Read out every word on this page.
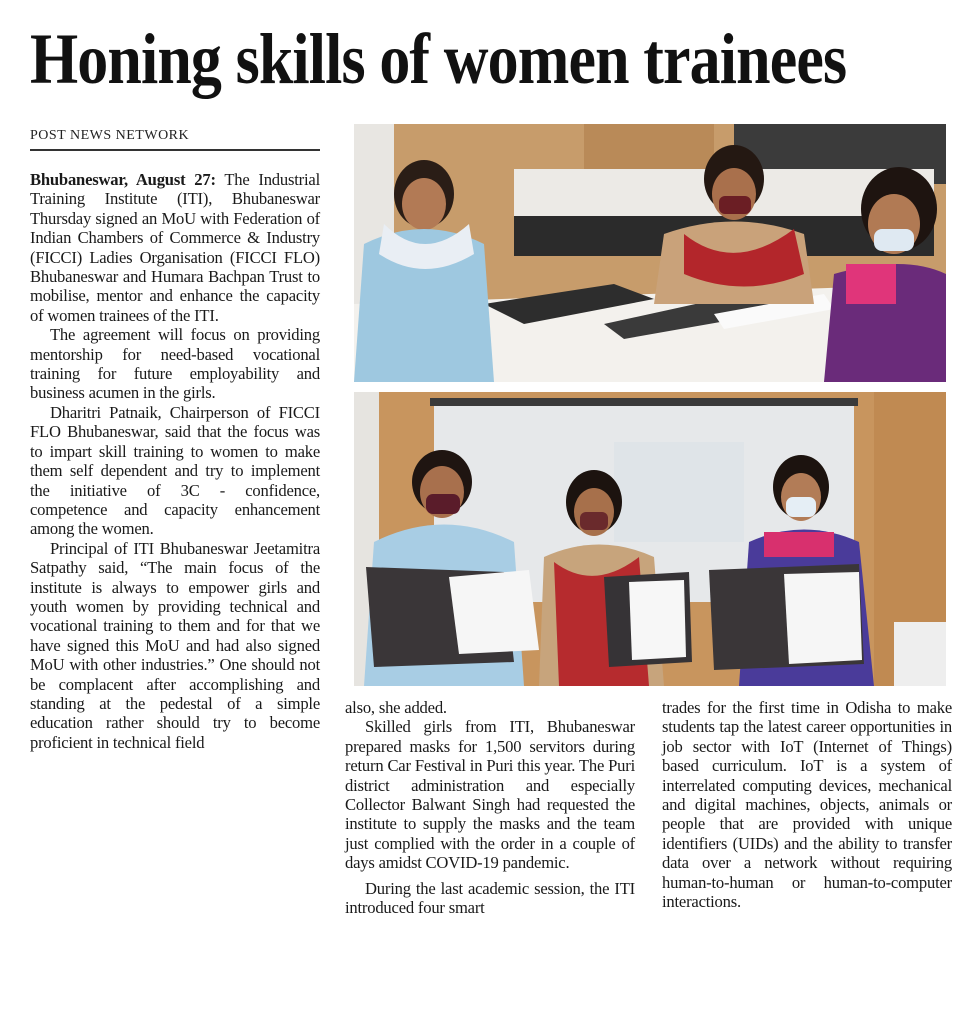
Honing skills of women trainees
POST NEWS NETWORK

Bhubaneswar, August 27: The Industrial Training Institute (ITI), Bhubaneswar Thursday signed an MoU with Federation of Indian Chambers of Commerce & Industry (FICCI) Ladies Organisation (FICCI FLO) Bhubaneswar and Humara Bachpan Trust to mobilise, mentor and enhance the capacity of women trainees of the ITI.

The agreement will focus on providing mentorship for need-based vocational training for future employability and business acumen in the girls.

Dharitri Patnaik, Chairperson of FICCI FLO Bhubaneswar, said that the focus was to impart skill training to women to make them self dependent and try to implement the initiative of 3C - confidence, competence and capacity enhancement among the women.

Principal of ITI Bhubaneswar Jeetamitra Satpathy said, “The main focus of the institute is always to empower girls and youth women by providing technical and vocational training to them and for that we have signed this MoU and had also signed MoU with other industries.” One should not be complacent after accomplishing and standing at the pedestal of a simple education rather should try to become proficient in technical field

also, she added.

Skilled girls from ITI, Bhubaneswar prepared masks for 1,500 servitors during return Car Festival in Puri this year. The Puri district administration and especially Collector Balwant Singh had requested the institute to supply the masks and the team just complied with the order in a couple of days amidst COVID-19 pandemic.

During the last academic session, the ITI introduced four smart

trades for the first time in Odisha to make students tap the latest career opportunities in job sector with IoT (Internet of Things) based curriculum. IoT is a system of interrelated computing devices, mechanical and digital machines, objects, animals or people that are provided with unique identifiers (UIDs) and the ability to transfer data over a network without requiring human-to-human or human-to-computer interactions.
